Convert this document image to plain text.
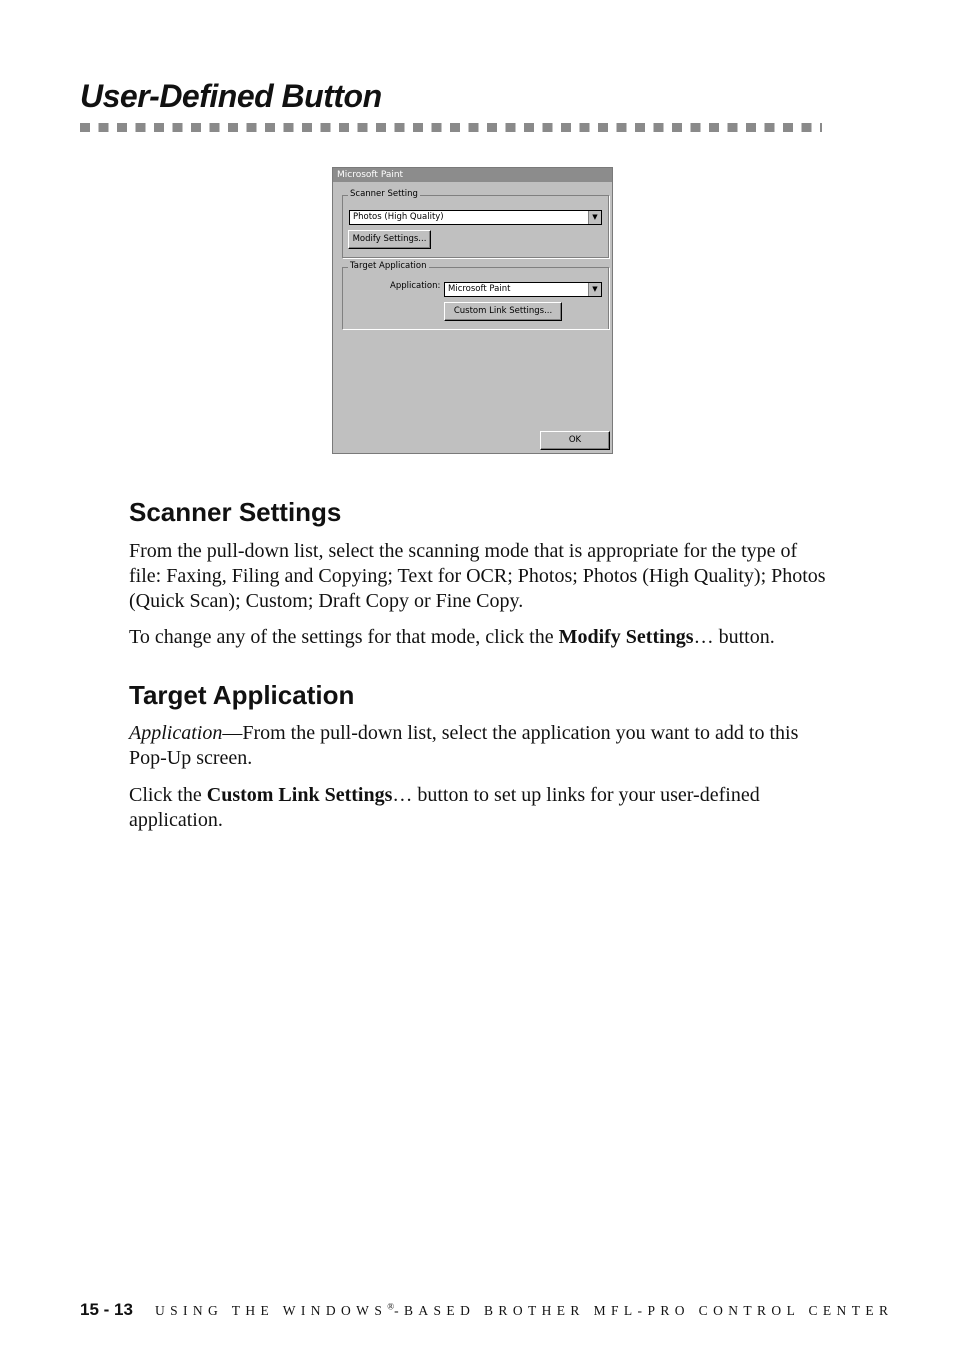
User-Defined Button
Microsoft Paint
Scanner Setting
Photos (High Quality)	▼
Modify Settings...
Target Application
Application: Microsoft Paint	▼
Custom Link Settings...
OK
Scanner Settings

From the pull-down list, select the scanning mode that is appropriate for the type of file: Faxing, Filing and Copying; Text for OCR; Photos; Photos (High Quality); Photos (Quick Scan); Custom; Draft Copy or Fine Copy.

To change any of the settings for that mode, click the Modify Settings… button.

Target Application

Application—From the pull-down list, select the application you want to add to this Pop-Up screen.

Click the Custom Link Settings… button to set up links for your user-defined application.

15 - 13 USING THE WINDOWS®-BASED BROTHER MFL-PRO CONTROL CENTER
